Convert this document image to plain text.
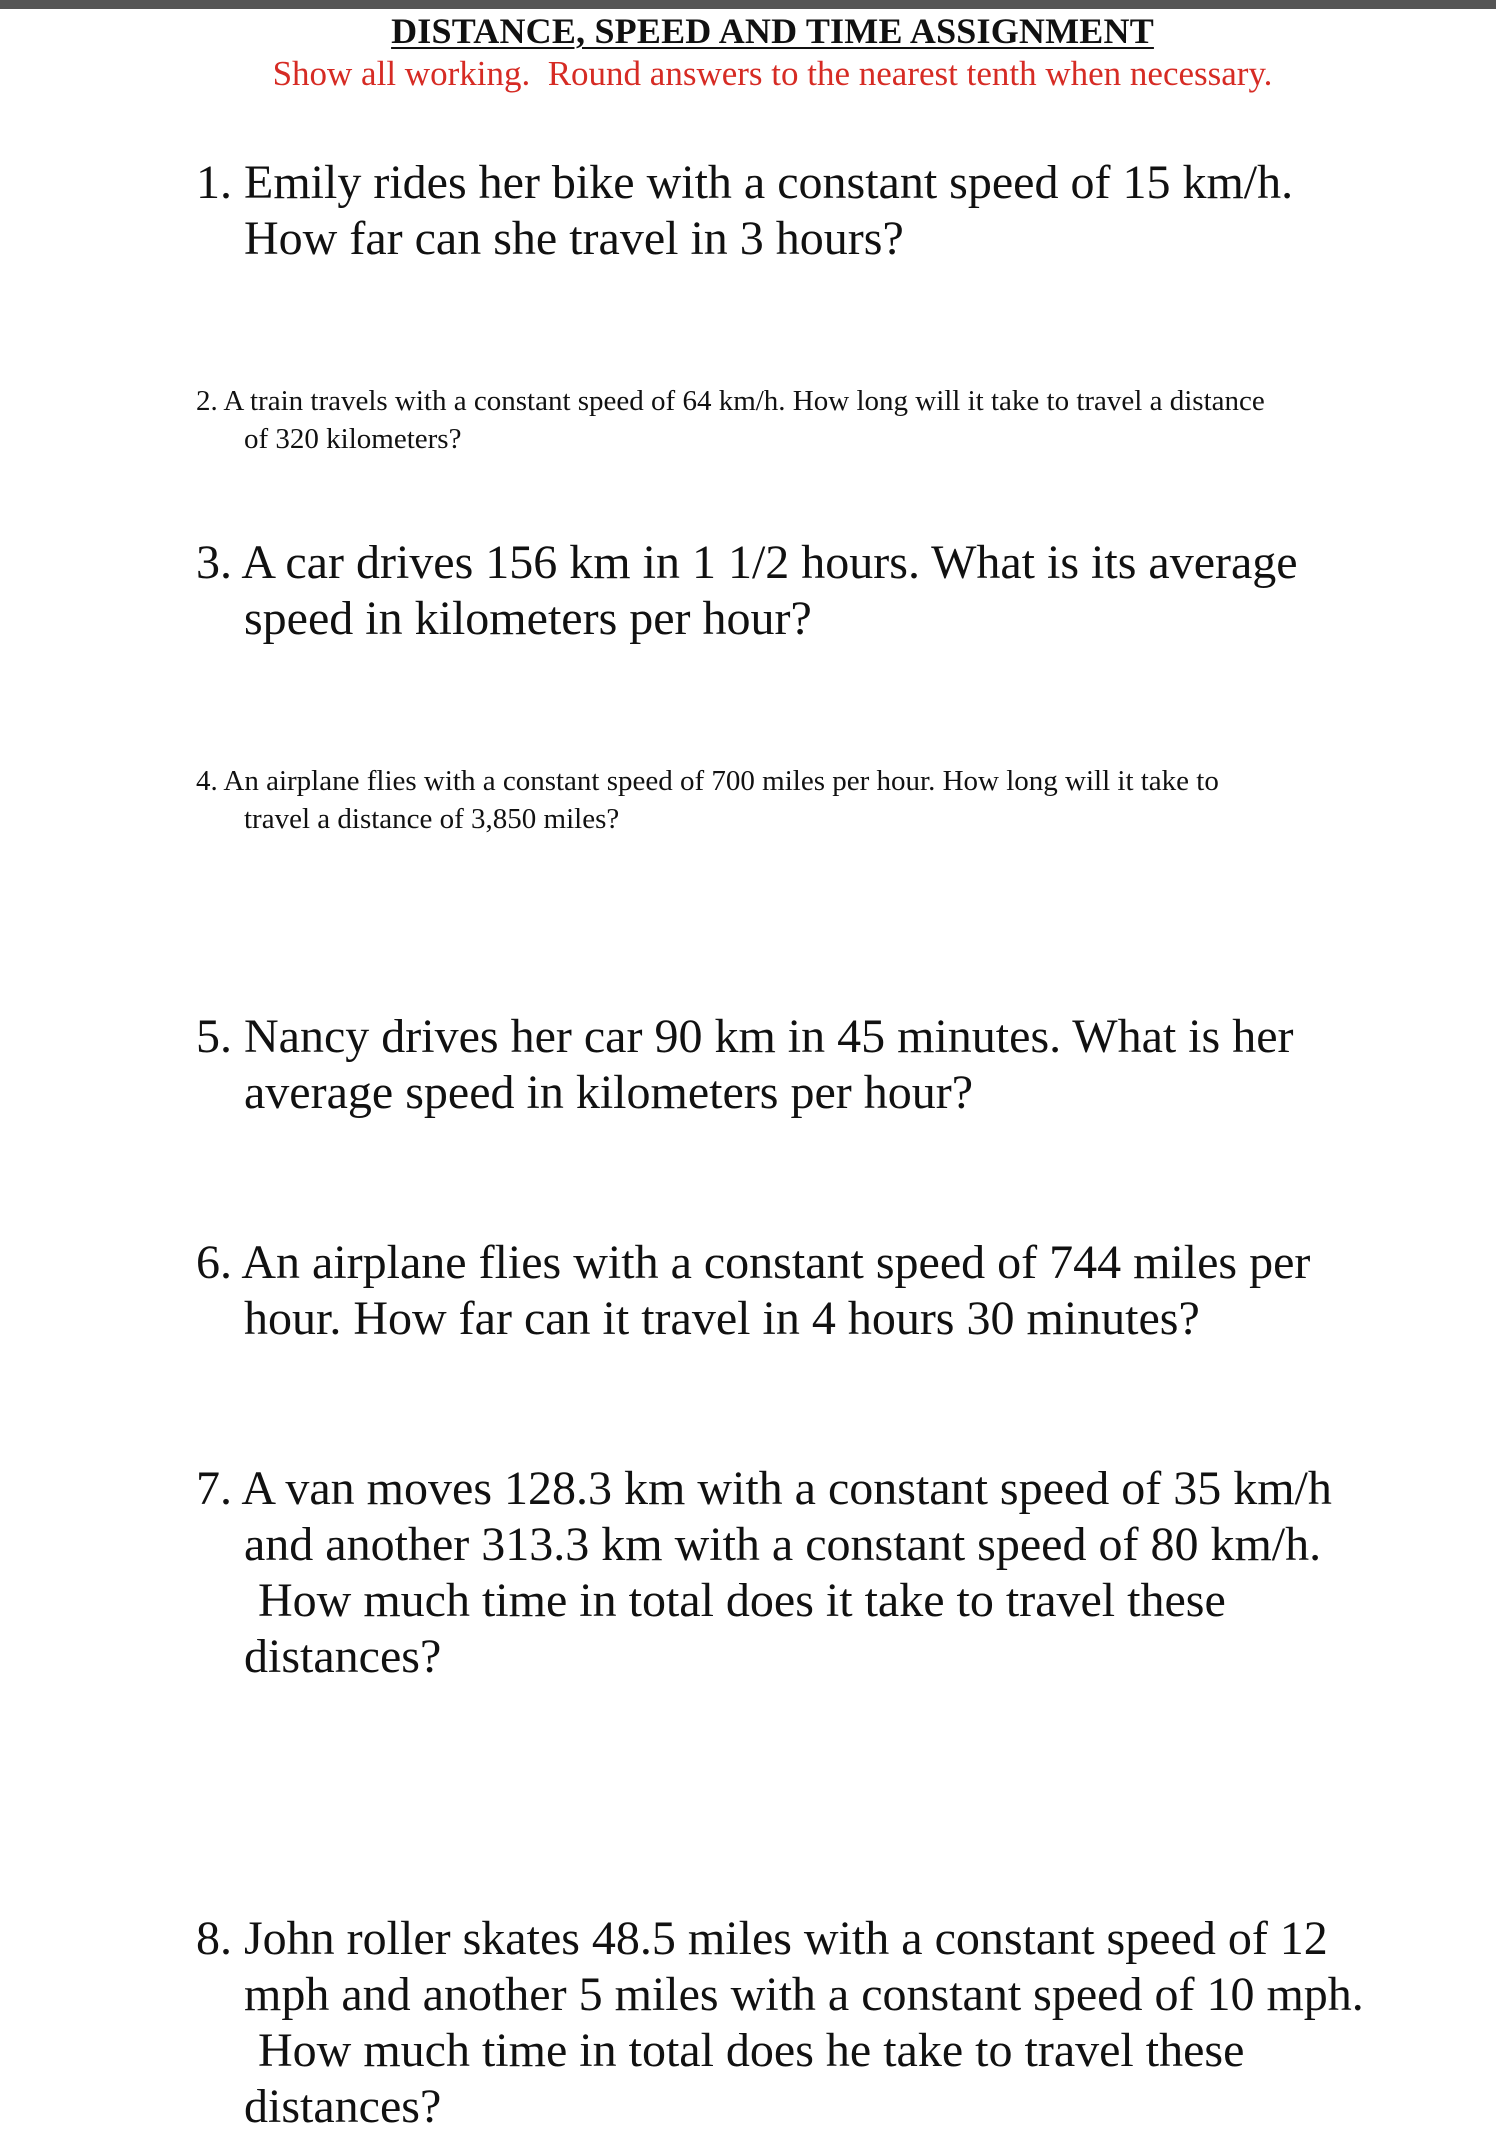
DISTANCE, SPEED AND TIME ASSIGNMENT
Show all working.  Round answers to the nearest tenth when necessary.
1. Emily rides her bike with a constant speed of 15 km/h.
How far can she travel in 3 hours?
2. A train travels with a constant speed of 64 km/h. How long will it take to travel a distance
of 320 kilometers?
3. A car drives 156 km in 1 1/2 hours. What is its average
speed in kilometers per hour?
4. An airplane flies with a constant speed of 700 miles per hour. How long will it take to
travel a distance of 3,850 miles?
5. Nancy drives her car 90 km in 45 minutes. What is her
average speed in kilometers per hour?
6. An airplane flies with a constant speed of 744 miles per
hour. How far can it travel in 4 hours 30 minutes?
7. A van moves 128.3 km with a constant speed of 35 km/h
and another 313.3 km with a constant speed of 80 km/h.
How much time in total does it take to travel these
distances?
8. John roller skates 48.5 miles with a constant speed of 12
mph and another 5 miles with a constant speed of 10 mph.
How much time in total does he take to travel these
distances?
